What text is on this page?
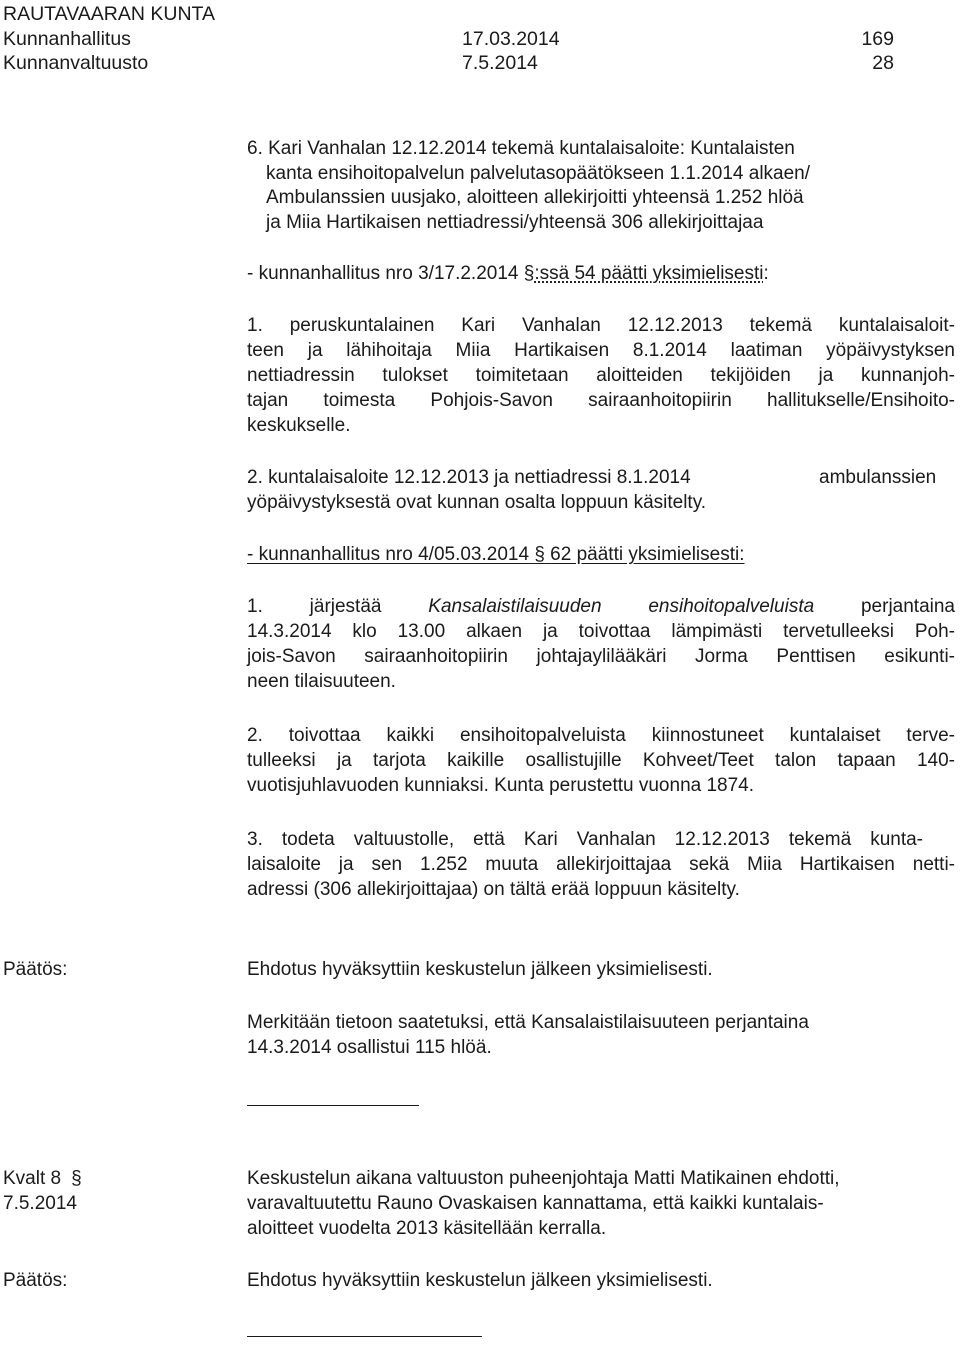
RAUTAVAARAN KUNTA
Kunnanhallitus	17.03.2014	169
Kunnanvaltuusto	7.5.2014	28
6. Kari Vanhalan 12.12.2014 tekemä kuntalaisaloite: Kuntalaisten
kanta ensihoitopalvelun palvelutasopäätökseen 1.1.2014 alkaen/
Ambulanssien uusjako, aloitteen allekirjoitti yhteensä 1.252 hlöä
ja Miia Hartikaisen nettiadressi/yhteensä 306 allekirjoittajaa
- kunnanhallitus nro 3/17.2.2014 §:ssä 54 päätti yksimielisesti:
1. peruskuntalainen Kari Vanhalan 12.12.2013 tekemä kuntalaisaloit-
teen ja lähihoitaja Miia Hartikaisen 8.1.2014 laatiman yöpäivystyksen
nettiadressin tulokset toimitetaan aloitteiden tekijöiden ja kunnanjoh-
tajan toimesta Pohjois-Savon sairaanhoitopiirin hallitukselle/Ensihoito-
keskukselle.
2. kuntalaisaloite 12.12.2013 ja nettiadressi 8.1.2014	ambulanssien
yöpäivystyksestä ovat kunnan osalta loppuun käsitelty.
- kunnanhallitus nro 4/05.03.2014 § 62 päätti yksimielisesti:
1. järjestää Kansalaistilaisuuden ensihoitopalveluista perjantaina
14.3.2014 klo 13.00 alkaen ja toivottaa lämpimästi tervetulleeksi Poh-
jois-Savon sairaanhoitopiirin johtajaylilääkäri Jorma Penttisen esikunti-
neen tilaisuuteen.
2. toivottaa kaikki ensihoitopalveluista kiinnostuneet kuntalaiset terve-
tulleeksi ja tarjota kaikille osallistujille Kohveet/Teet talon tapaan 140-
vuotisjuhlavuoden kunniaksi. Kunta perustettu vuonna 1874.
3. todeta valtuustolle, että Kari Vanhalan 12.12.2013 tekemä kunta-
laisaloite ja sen 1.252 muuta allekirjoittajaa sekä Miia Hartikaisen netti-
adressi (306 allekirjoittajaa) on tältä erää loppuun käsitelty.
Päätös:	Ehdotus hyväksyttiin keskustelun jälkeen yksimielisesti.
Merkitään tietoon saatetuksi, että Kansalaistilaisuuteen perjantaina
14.3.2014 osallistui 115 hlöä.
Kvalt 8 §
7.5.2014
Keskustelun aikana valtuuston puheenjohtaja Matti Matikainen ehdotti,
varavaltuutettu Rauno Ovaskaisen kannattama, että kaikki kuntalais-
aloitteet vuodelta 2013 käsitellään kerralla.
Päätös:	Ehdotus hyväksyttiin keskustelun jälkeen yksimielisesti.
